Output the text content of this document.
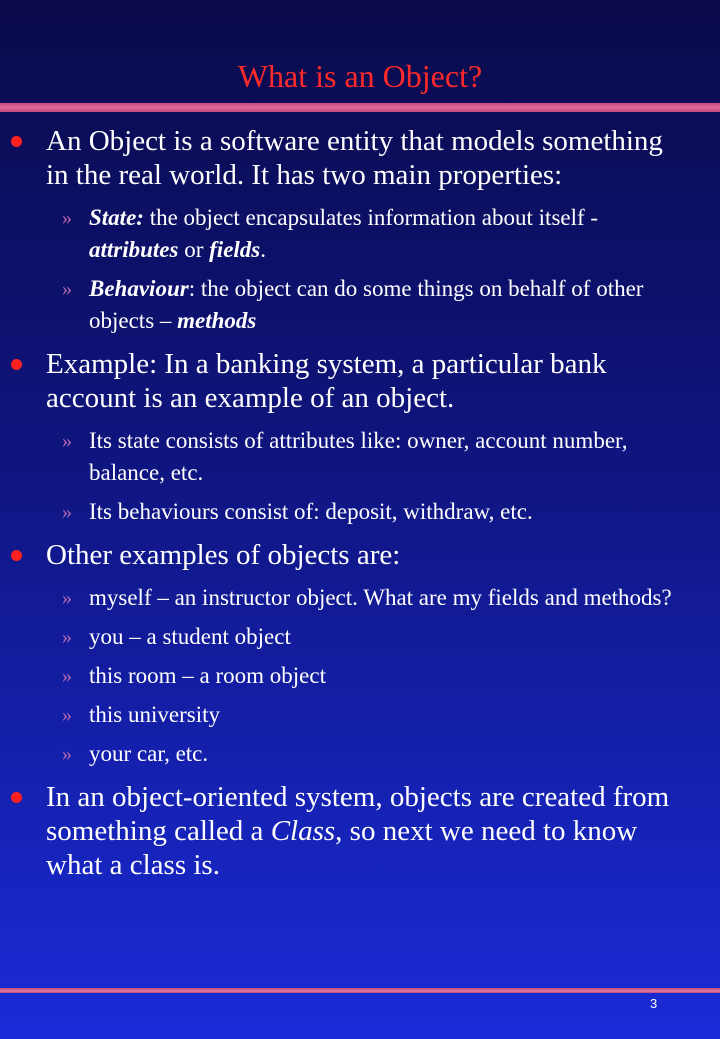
What is an Object?
An Object is a software entity that models something in the real world. It has two main properties:
» State: the object encapsulates information about itself - attributes or fields.
» Behaviour: the object can do some things on behalf of other objects – methods
Example: In a banking system, a particular bank account is an example of an object.
» Its state consists of attributes like: owner, account number, balance, etc.
» Its behaviours consist of: deposit, withdraw, etc.
Other examples of objects are:
» myself – an instructor object. What are my fields and methods?
» you – a student object
» this room – a room object
» this university
» your car, etc.
In an object-oriented system, objects are created from something called a Class, so next we need to know what a class is.
3
